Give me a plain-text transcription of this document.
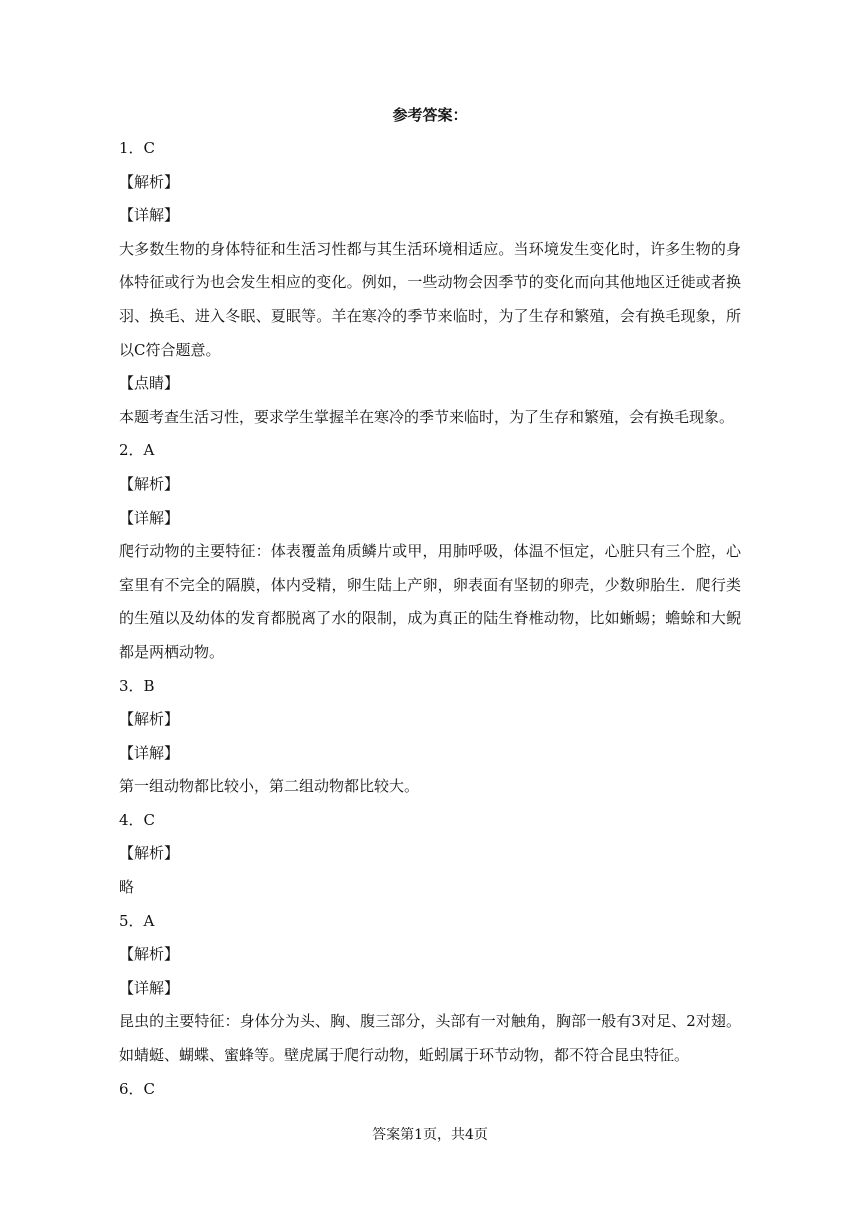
参考答案：
1．C
【解析】
【详解】
大多数生物的身体特征和生活习性都与其生活环境相适应。当环境发生变化时，许多生物的身体特征或行为也会发生相应的变化。例如，一些动物会因季节的变化而向其他地区迁徙或者换羽、换毛、进入冬眠、夏眠等。羊在寒冷的季节来临时，为了生存和繁殖，会有换毛现象，所以C符合题意。
【点睛】
本题考查生活习性，要求学生掌握羊在寒冷的季节来临时，为了生存和繁殖，会有换毛现象。
2．A
【解析】
【详解】
爬行动物的主要特征：体表覆盖角质鳞片或甲，用肺呼吸，体温不恒定，心脏只有三个腔，心室里有不完全的隔膜，体内受精，卵生陆上产卵，卵表面有坚韧的卵壳，少数卵胎生．爬行类的生殖以及幼体的发育都脱离了水的限制，成为真正的陆生脊椎动物，比如蜥蜴；蟾蜍和大鲵都是两栖动物。
3．B
【解析】
【详解】
第一组动物都比较小，第二组动物都比较大。
4．C
【解析】
略
5．A
【解析】
【详解】
昆虫的主要特征：身体分为头、胸、腹三部分，头部有一对触角，胸部一般有3对足、2对翅。如蜻蜓、蝴蝶、蜜蜂等。壁虎属于爬行动物，蚯蚓属于环节动物，都不符合昆虫特征。
6．C
答案第1页，共4页
